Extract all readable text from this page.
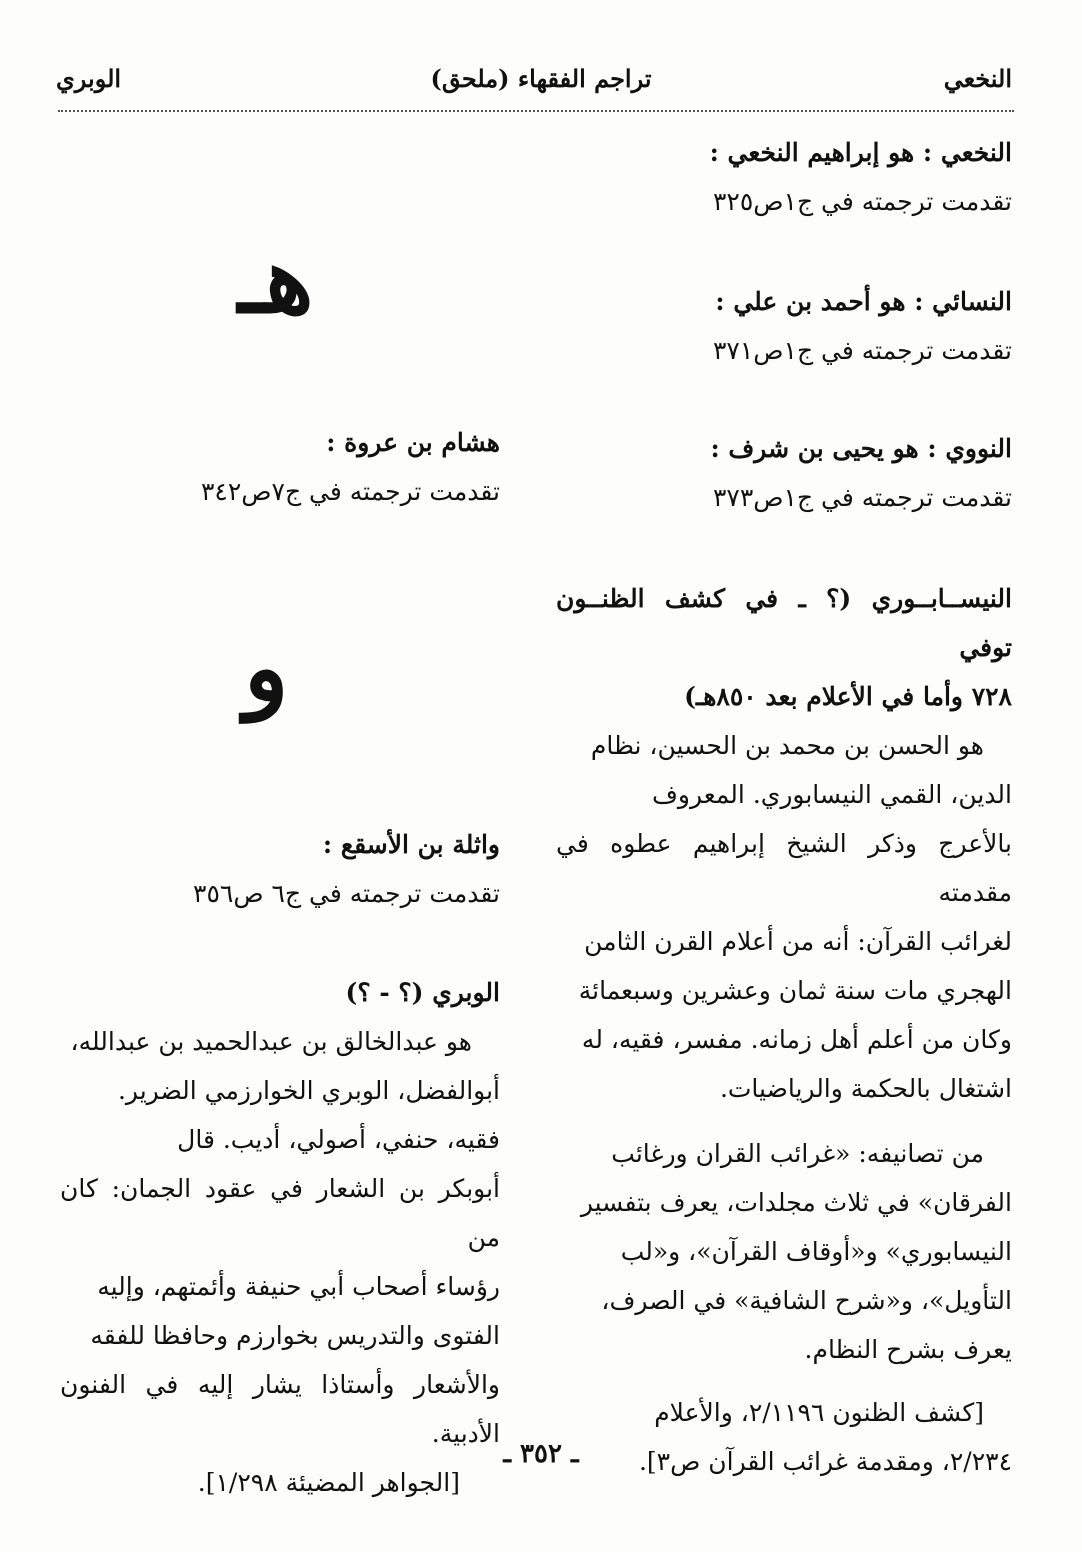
النخعي
(ملحق) تراجم الفقهاء
الوبري

النخعي : هو إبراهيم النخعي :

تقدمت ترجمته في ج١ص٣٢٥

النسائي : هو أحمد بن علي :

تقدمت ترجمته في ج١ص٣٧١

النووي : هو يحيى بن شرف :

تقدمت ترجمته في ج١ص٣٧٣

النيســابــوري (؟ ـ في كشف الظنــون توفي

٧٢٨ وأما في الأعلام بعد ٨٥٠هـ)

هو الحسن بن محمد بن الحسين، نظام

الدين، القمي النيسابوري. المعروف

بالأعرج وذكر الشيخ إبراهيم عطوه في مقدمته

لغرائب القرآن: أنه من أعلام القرن الثامن

الهجري مات سنة ثمان وعشرين وسبعمائة

وكان من أعلم أهل زمانه. مفسر، فقيه، له

اشتغال بالحكمة والرياضيات.

من تصانيفه: «غرائب القران ورغائب

الفرقان» في ثلاث مجلدات، يعرف بتفسير

النيسابوري» و«أوقاف القرآن»، و«لب

التأويل»، و«شرح الشافية» في الصرف،

يعرف بشرح النظام.

[كشف الظنون ٢/١١٩٦، والأعلام

٢/٢٣٤، ومقدمة غرائب القرآن ص٣].

هـ

هشام بن عروة :

تقدمت ترجمته في ج٧ص٣٤٢

و

واثلة بن الأسقع :

تقدمت ترجمته في ج٦ ص٣٥٦

الوبري (؟ - ؟)

هو عبدالخالق بن عبدالحميد بن عبدالله،

أبوالفضل، الوبري الخوارزمي الضرير.

فقيه، حنفي، أصولي، أديب. قال

أبوبكر بن الشعار في عقود الجمان: كان من

رؤساء أصحاب أبي حنيفة وأئمتهم، وإليه

الفتوى والتدريس بخوارزم وحافظا للفقه

والأشعار وأستاذا يشار إليه في الفنون الأدبية.

[الجواهر المضيئة ١/٢٩٨].

ـ ٣٥٢ ـ
